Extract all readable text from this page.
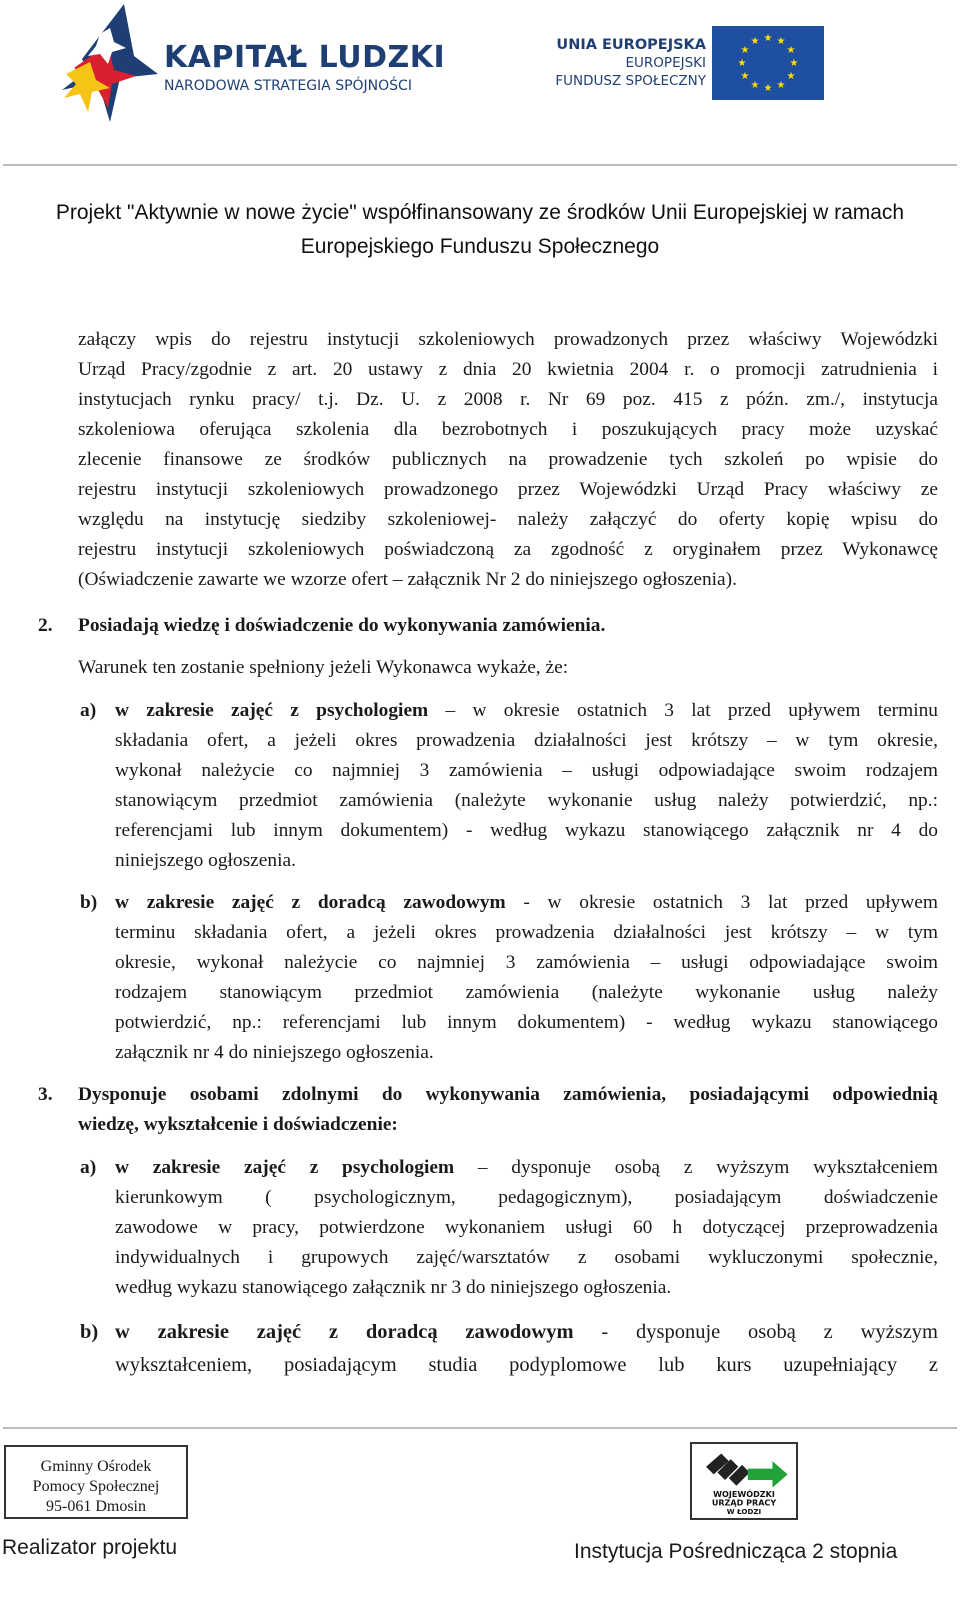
KAPITAŁ LUDZKI
NARODOWA STRATEGIA SPÓJNOŚCI
UNIA EUROPEJSKA
EUROPEJSKI
FUNDUSZ SPOŁECZNY
★ ★
★
★
★
★
★
★
★
★
★
★
Projekt "Aktywnie w nowe życie" współfinansowany ze środków Unii Europejskiej w ramach
Europejskiego Funduszu Społecznego
załączy wpis do rejestru instytucji szkoleniowych prowadzonych przez właściwy Wojewódzki
Urząd Pracy/zgodnie z art. 20 ustawy z dnia 20 kwietnia 2004 r. o promocji zatrudnienia i
instytucjach rynku pracy/ t.j. Dz. U. z 2008 r. Nr 69 poz. 415 z późn. zm./, instytucja
szkoleniowa oferująca szkolenia dla bezrobotnych i poszukujących pracy może uzyskać
zlecenie finansowe ze środków publicznych na prowadzenie tych szkoleń po wpisie do
rejestru instytucji szkoleniowych prowadzonego przez Wojewódzki Urząd Pracy właściwy ze
względu na instytucję siedziby szkoleniowej- należy załączyć do oferty kopię wpisu do
rejestru instytucji szkoleniowych poświadczoną za zgodność z oryginałem przez Wykonawcę
(Oświadczenie zawarte we wzorze ofert – załącznik Nr 2 do niniejszego ogłoszenia).
2. Posiadają wiedzę i doświadczenie do wykonywania zamówienia.
Warunek ten zostanie spełniony jeżeli Wykonawca wykaże, że:
a) w zakresie zajęć z psychologiem – w okresie ostatnich 3 lat przed upływem terminu
składania ofert, a jeżeli okres prowadzenia działalności jest krótszy – w tym okresie,
wykonał należycie co najmniej 3 zamówienia – usługi odpowiadające swoim rodzajem
stanowiącym przedmiot zamówienia (należyte wykonanie usług należy potwierdzić, np.:
referencjami lub innym dokumentem) - według wykazu stanowiącego załącznik nr 4 do
niniejszego ogłoszenia.
b) w zakresie zajęć z doradcą zawodowym - w okresie ostatnich 3 lat przed upływem
terminu składania ofert, a jeżeli okres prowadzenia działalności jest krótszy – w tym
okresie, wykonał należycie co najmniej 3 zamówienia – usługi odpowiadające swoim
rodzajem stanowiącym przedmiot zamówienia (należyte wykonanie usług należy
potwierdzić, np.: referencjami lub innym dokumentem) - według wykazu stanowiącego
załącznik nr 4 do niniejszego ogłoszenia.
3. Dysponuje osobami zdolnymi do wykonywania zamówienia, posiadającymi odpowiednią
wiedzę, wykształcenie i doświadczenie:
a) w zakresie zajęć z psychologiem – dysponuje osobą z wyższym wykształceniem
kierunkowym ( psychologicznym, pedagogicznym), posiadającym doświadczenie
zawodowe w pracy, potwierdzone wykonaniem usługi 60 h dotyczącej przeprowadzenia
indywidualnych i grupowych zajęć/warsztatów z osobami wykluczonymi społecznie,
według wykazu stanowiącego załącznik nr 3 do niniejszego ogłoszenia.
b) w zakresie zajęć z doradcą zawodowym - dysponuje osobą z wyższym
wykształceniem, posiadającym studia podyplomowe lub kurs uzupełniający z
Gminny Ośrodek
Pomocy Społecznej
95-061 Dmosin
WOJEWÓDZKI
URZĄD PRACY
W ŁODZI
Realizator projektu	Instytucja Pośrednicząca 2 stopnia
